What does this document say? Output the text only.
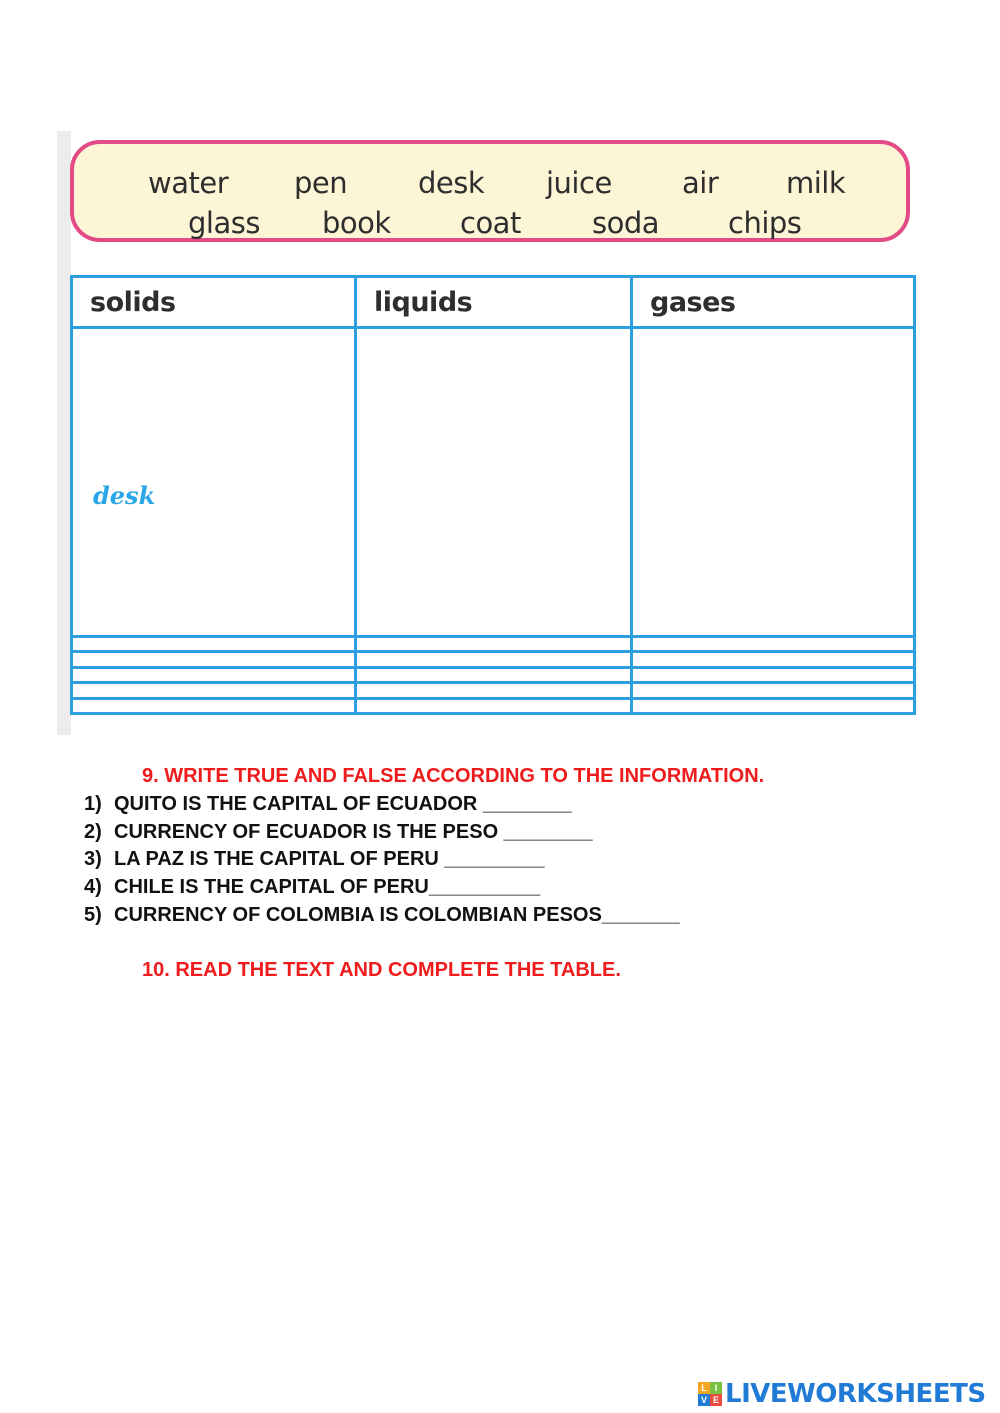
water pen desk juice air milk
glass book coat soda chips
solids	liquids	gases

desk		

9. WRITE TRUE AND FALSE ACCORDING TO THE INFORMATION.
1) QUITO IS THE CAPITAL OF ECUADOR ________
2) CURRENCY OF ECUADOR IS THE PESO ________
3) LA PAZ IS THE CAPITAL OF PERU _________
4) CHILE IS THE CAPITAL OF PERU__________
5) CURRENCY OF COLOMBIA IS COLOMBIAN PESOS_______
10. READ THE TEXT AND COMPLETE THE TABLE.
L I
V E LIVEWORKSHEETS
